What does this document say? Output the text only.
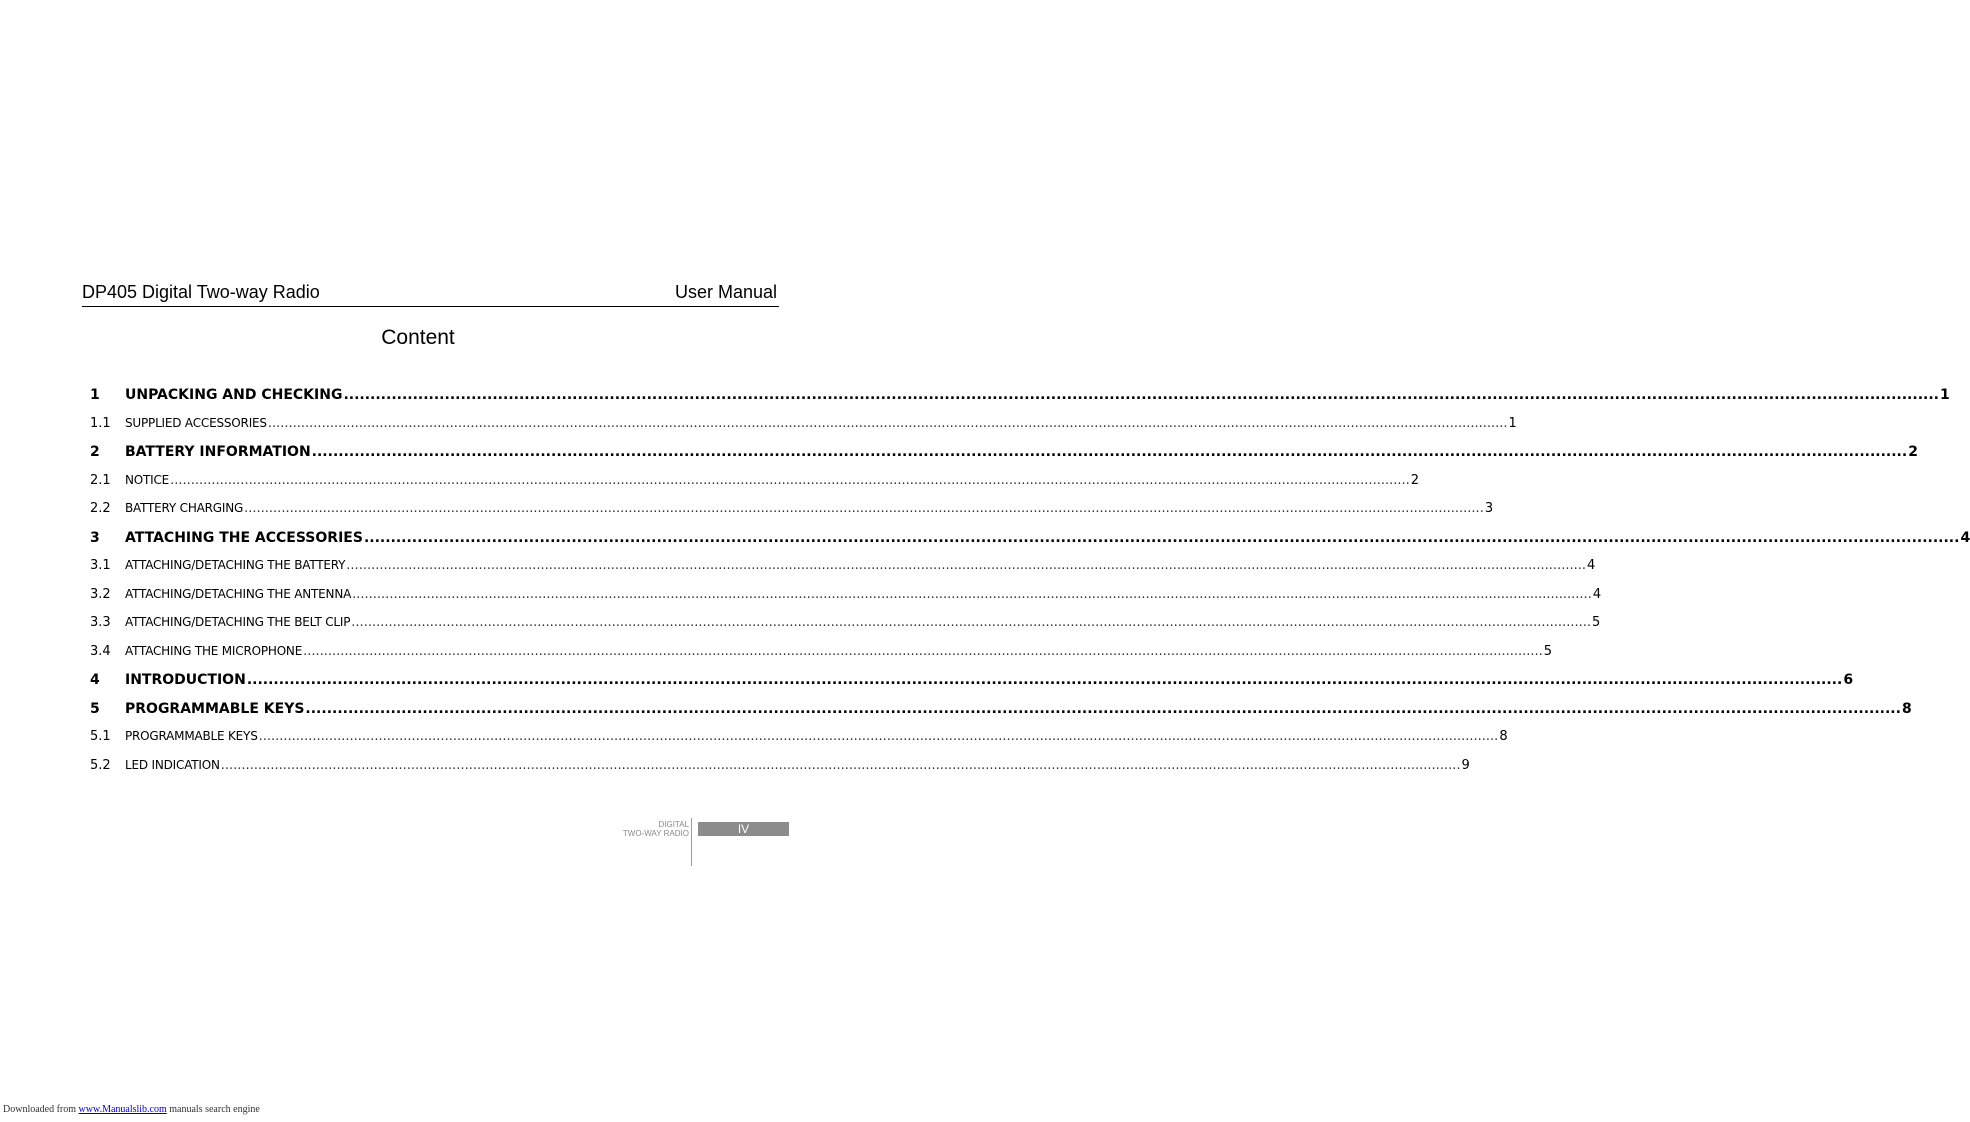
DP405 Digital Two-way Radio	User Manual
Content
1	UNPACKING AND CHECKING ............................................................................................................................................................................................................................................................................................................ 1
1.1	SUPPLIED ACCESSORIES ............................................................................................................................................................................................................................................................................................................ 1
2	BATTERY INFORMATION ............................................................................................................................................................................................................................................................................................................ 2
2.1	NOTICE ............................................................................................................................................................................................................................................................................................................ 2
2.2	BATTERY CHARGING ............................................................................................................................................................................................................................................................................................................ 3
3	ATTACHING THE ACCESSORIES ............................................................................................................................................................................................................................................................................................................ 4
3.1	ATTACHING/DETACHING THE BATTERY ............................................................................................................................................................................................................................................................................................................ 4
3.2	ATTACHING/DETACHING THE ANTENNA ............................................................................................................................................................................................................................................................................................................ 4
3.3	ATTACHING/DETACHING THE BELT CLIP ............................................................................................................................................................................................................................................................................................................ 5
3.4	ATTACHING THE MICROPHONE ............................................................................................................................................................................................................................................................................................................ 5
4	INTRODUCTION ............................................................................................................................................................................................................................................................................................................ 6
5	PROGRAMMABLE KEYS ............................................................................................................................................................................................................................................................................................................ 8
5.1	PROGRAMMABLE KEYS ............................................................................................................................................................................................................................................................................................................ 8
5.2	LED INDICATION ............................................................................................................................................................................................................................................................................................................ 9
DIGITAL
TWO-WAY RADIO	IV
Downloaded from www.Manualslib.com manuals search engine
